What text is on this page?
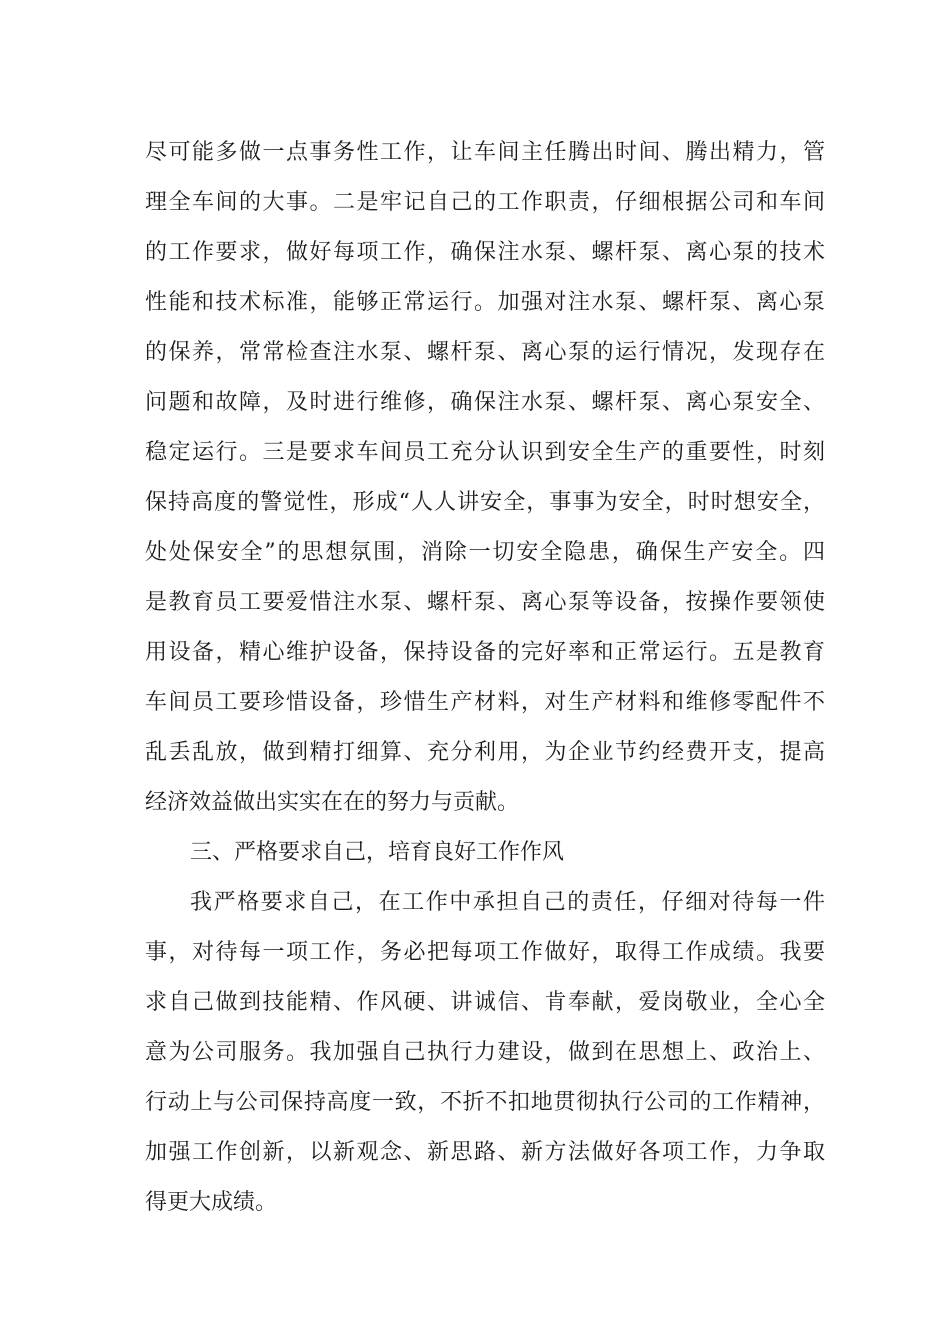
尽可能多做一点事务性工作，让车间主任腾出时间、腾出精力，管
理全车间的大事。二是牢记自己的工作职责，仔细根据公司和车间
的工作要求，做好每项工作，确保注水泵、螺杆泵、离心泵的技术
性能和技术标准，能够正常运行。加强对注水泵、螺杆泵、离心泵
的保养，常常检查注水泵、螺杆泵、离心泵的运行情况，发现存在
问题和故障，及时进行维修，确保注水泵、螺杆泵、离心泵安全、
稳定运行。三是要求车间员工充分认识到安全生产的重要性，时刻
保持高度的警觉性，形成“人人讲安全，事事为安全，时时想安全，
处处保安全”的思想氛围，消除一切安全隐患，确保生产安全。四
是教育员工要爱惜注水泵、螺杆泵、离心泵等设备，按操作要领使
用设备，精心维护设备，保持设备的完好率和正常运行。五是教育
车间员工要珍惜设备，珍惜生产材料，对生产材料和维修零配件不
乱丢乱放，做到精打细算、充分利用，为企业节约经费开支，提高
经济效益做出实实在在的努力与贡献。
三、严格要求自己，培育良好工作作风
我严格要求自己，在工作中承担自己的责任，仔细对待每一件
事，对待每一项工作，务必把每项工作做好，取得工作成绩。我要
求自己做到技能精、作风硬、讲诚信、肯奉献，爱岗敬业，全心全
意为公司服务。我加强自己执行力建设，做到在思想上、政治上、
行动上与公司保持高度一致，不折不扣地贯彻执行公司的工作精神，
加强工作创新，以新观念、新思路、新方法做好各项工作，力争取
得更大成绩。
